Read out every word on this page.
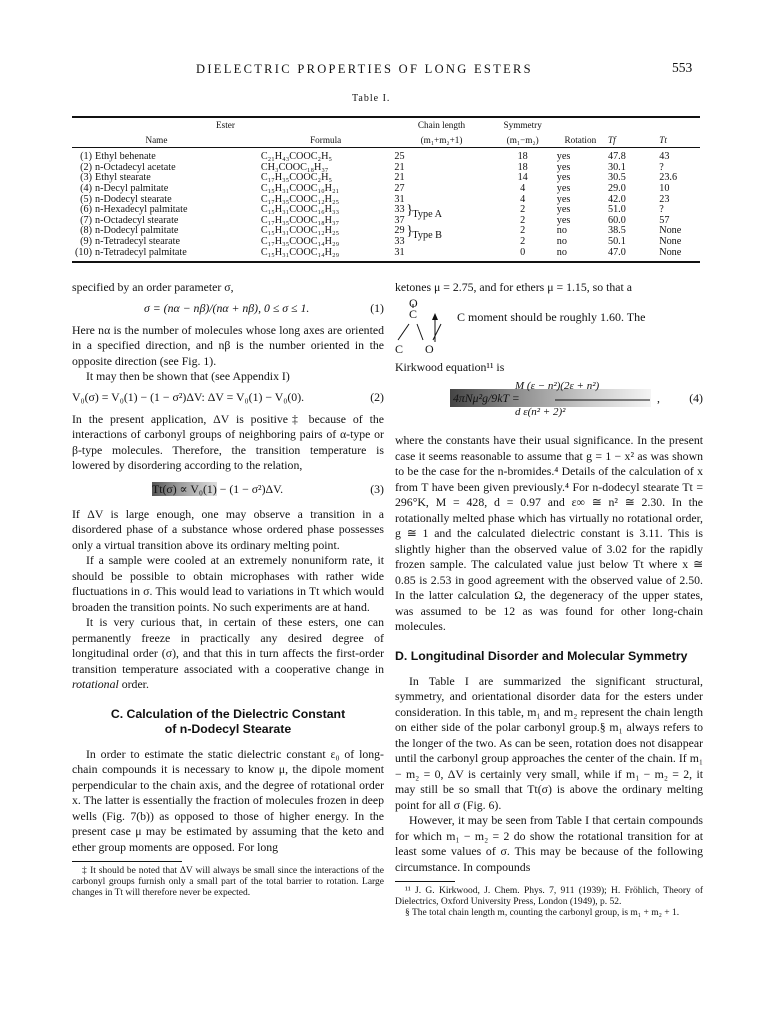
DIELECTRIC PROPERTIES OF LONG ESTERS	553
Table I.
Ester		Chain length	Symmetry			
Name	Formula	(m₁+m₂+1)	(m₁−m₂)	Rotation	Tf	Tt
(1) Ethyl behenate	C₂₁H₄₃COOC₂H₅	25	18	yes	47.8	43
(2) n-Octadecyl acetate	CH₃COOC₁₈H₃₇	21	18	yes	30.1	?
(3) Ethyl stearate	C₁₇H₃₅COOC₂H₅	21	14	yes	30.5	23.6
(4) n-Decyl palmitate	C₁₅H₃₁COOC₁₀H₂₁	27	4	yes	29.0	10
(5) n-Dodecyl stearate	C₁₇H₃₅COOC₁₂H₂₅	31	4	yes	42.0	23
(6) n-Hexadecyl palmitate	C₁₅H₃₁COOC₁₆H₃₃	33 } Type A	2	yes	51.0	?
(7) n-Octadecyl stearate	C₁₇H₃₅COOC₁₈H₃₇	37	2	yes	60.0	57
(8) n-Dodecyl palmitate	C₁₅H₃₁COOC₁₂H₂₅	29 } Type B	2	no	38.5	None
(9) n-Tetradecyl stearate	C₁₇H₃₅COOC₁₄H₂₉	33	2	no	50.1	None
(10) n-Tetradecyl palmitate	C₁₅H₃₁COOC₁₄H₂₉	31	0	no	47.0	None

specified by an order parameter σ,

σ = (nα − nβ)/(nα + nβ), 0 ≤ σ ≤ 1.	(1)

Here nα is the number of molecules whose long axes are oriented in a specified direction, and nβ is the number oriented in the opposite direction (see Fig. 1).

It may then be shown that (see Appendix I)

V₀(σ) = V₀(1) − (1 − σ²)ΔV: ΔV = V₀(1) − V₀(0).	(2)

In the present application, ΔV is positive‡ because of the interactions of carbonyl groups of neighboring pairs of α-type or β-type molecules. Therefore, the transition temperature is lowered by disordering according to the relation,

Tt(σ) ∝ V₀(1) − (1 − σ²)ΔV.	(3)

If ΔV is large enough, one may observe a transition in a disordered phase of a substance whose ordered phase possesses only a virtual transition above its ordinary melting point.

If a sample were cooled at an extremely nonuniform rate, it should be possible to obtain microphases with rather wide fluctuations in σ. This would lead to variations in Tt which would broaden the transition points. No such experiments are at hand.

It is very curious that, in certain of these esters, one can permanently freeze in practically any desired degree of longitudinal order (σ), and that this in turn affects the first-order transition temperature associated with a cooperative change in rotational order.

C. Calculation of the Dielectric Constant
of n-Dodecyl Stearate

In order to estimate the static dielectric constant ε₀ of long-chain compounds it is necessary to know μ, the dipole moment perpendicular to the chain axis, and the degree of rotational order x. The latter is essentially the fraction of molecules frozen in deep wells (Fig. 7(b)) as opposed to those of higher energy. In the present case μ may be estimated by assuming that the keto and ether group moments are opposed. For long

‡ It should be noted that ΔV will always be small since the interactions of the carbonyl groups furnish only a small part of the total barrier to rotation. Large changes in Tt will therefore never be expected.

ketones μ = 2.75, and for ethers μ = 1.15, so that a

O
C	C moment should be roughly 1.60. The
C O

Kirkwood equation¹¹ is

M (ε − n²)(2ε + n²)
4πNμ²g/9kT =
d ε(n² + 2)²
, (4)

where the constants have their usual significance. In the present case it seems reasonable to assume that g = 1 − x² as was shown to be the case for the n-bromides.⁴ Details of the calculation of x from T have been given previously.⁴ For n-dodecyl stearate Tt = 296°K, M = 428, d = 0.97 and ε∞ ≅ n² ≅ 2.30. In the rotationally melted phase which has virtually no rotational order, g ≅ 1 and the calculated dielectric constant is 3.11. This is slightly higher than the observed value of 3.02 for the rapidly frozen sample. The calculated value just below Tt where x ≅ 0.85 is 2.53 in good agreement with the observed value of 2.50. In the latter calculation Ω, the degeneracy of the upper states, was assumed to be 12 as was found for other long-chain molecules.

D. Longitudinal Disorder and Molecular Symmetry

In Table I are summarized the significant structural, symmetry, and orientational disorder data for the esters under consideration. In this table, m₁ and m₂ represent the chain length on either side of the polar carbonyl group.§ m₁ always refers to the longer of the two. As can be seen, rotation does not disappear until the carbonyl group approaches the center of the chain. If m₁ − m₂ = 0, ΔV is certainly very small, while if m₁ − m₂ = 2, it may still be so small that Tt(σ) is above the ordinary melting point for all σ (Fig. 6).

However, it may be seen from Table I that certain compounds for which m₁ − m₂ = 2 do show the rotational transition for at least some values of σ. This may be because of the following circumstance. In compounds

¹¹ J. G. Kirkwood, J. Chem. Phys. 7, 911 (1939); H. Fröhlich, Theory of Dielectrics, Oxford University Press, London (1949), p. 52.

§ The total chain length m, counting the carbonyl group, is m₁ + m₂ + 1.
